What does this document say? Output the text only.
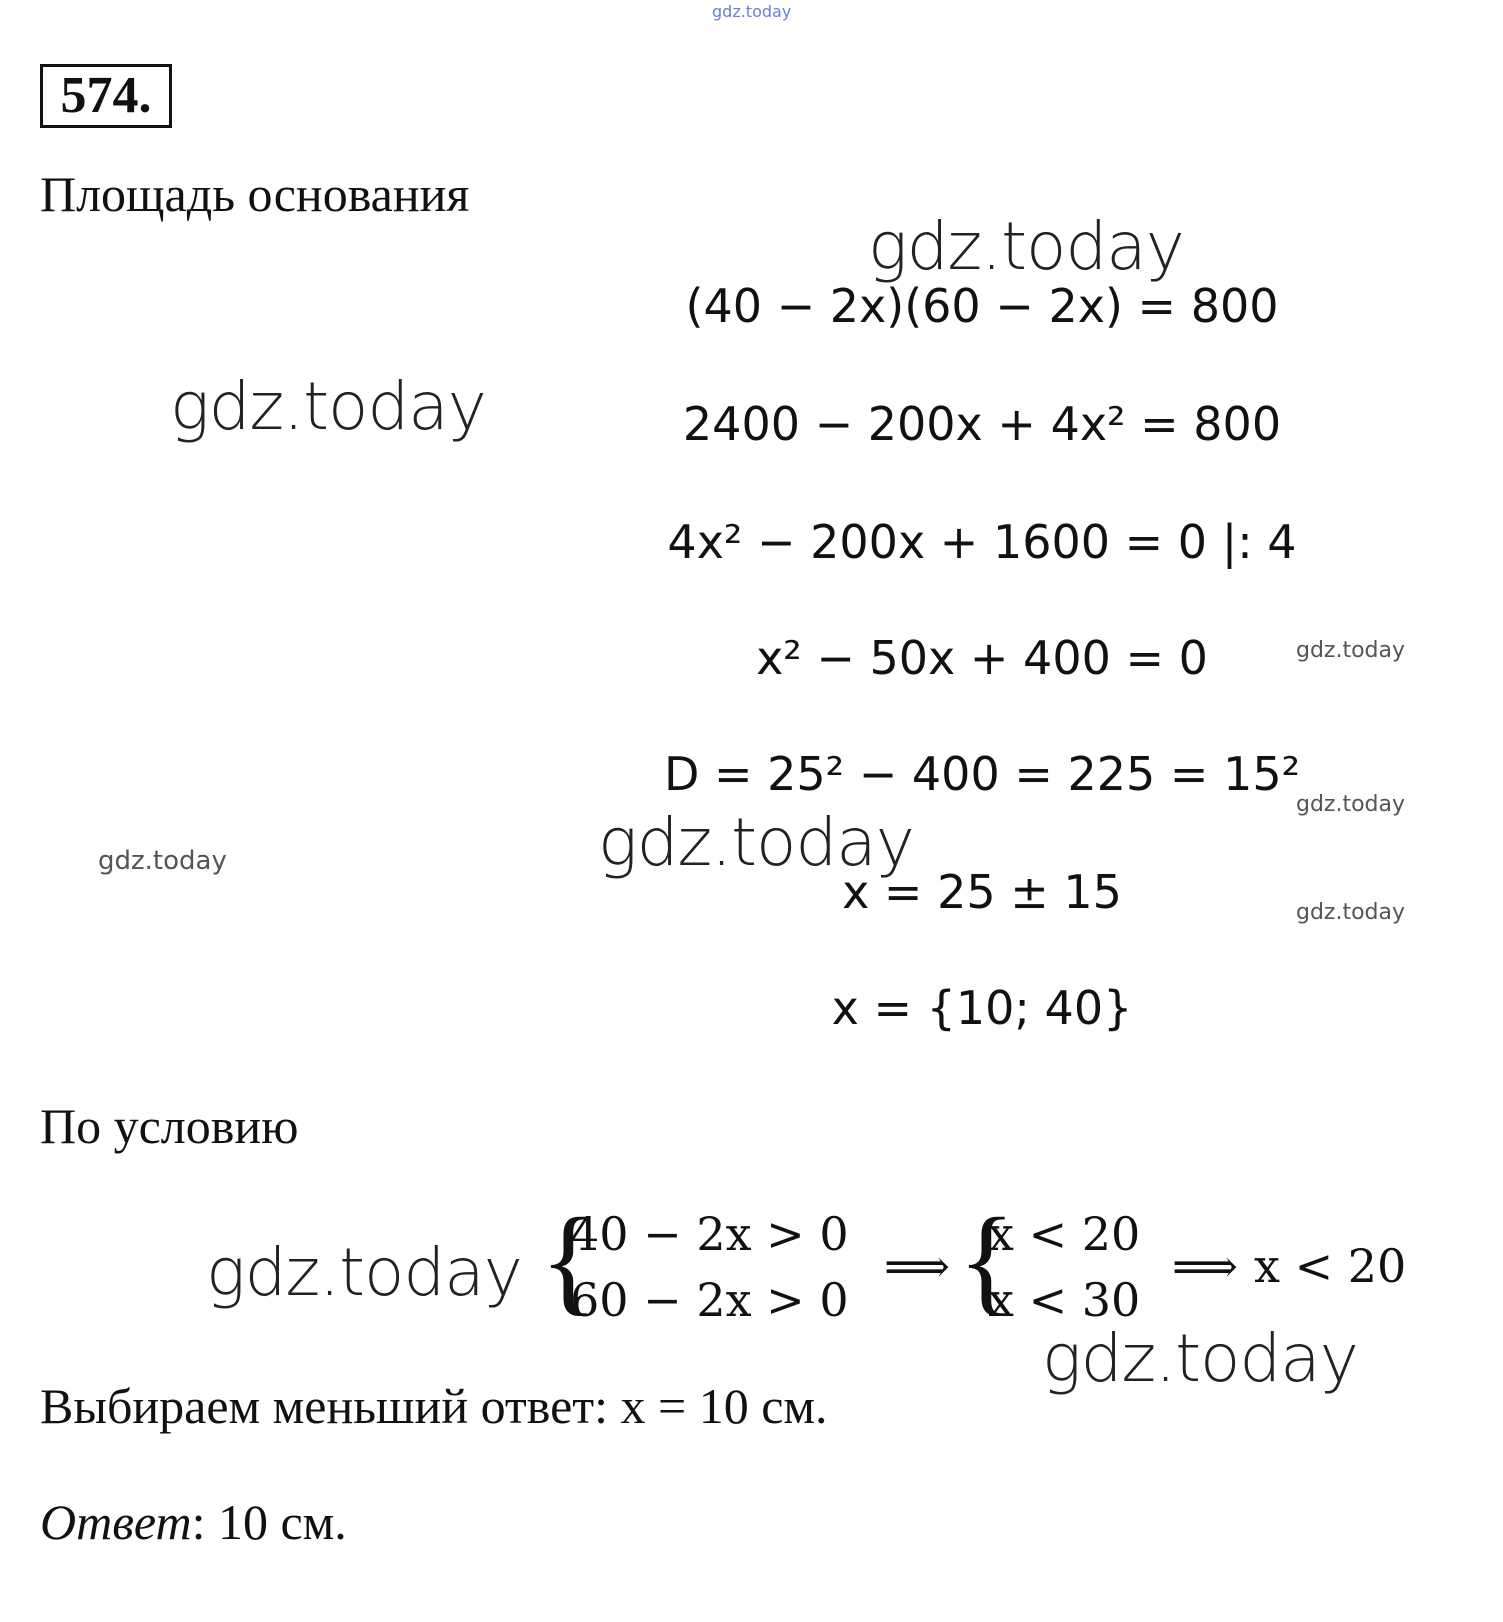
gdz.today
574.
Площадь основания
gdz.today
gdz.today
gdz.today
gdz.today
gdz.today
gdz.today
gdz.today
gdz.today
gdz.today
(40 − 2x)(60 − 2x) = 800
2400 − 200x + 4x² = 800
4x² − 200x + 1600 = 0 |: 4
x² − 50x + 400 = 0
D = 25² − 400 = 225 = 15²
x = 25 ± 15
x = {10; 40}
По условию
{
40 − 2x > 0
60 − 2x > 0
⟹ {
x < 20
x < 30
⟹ x < 20
Выбираем меньший ответ: x = 10 см.
Ответ: 10 см.
